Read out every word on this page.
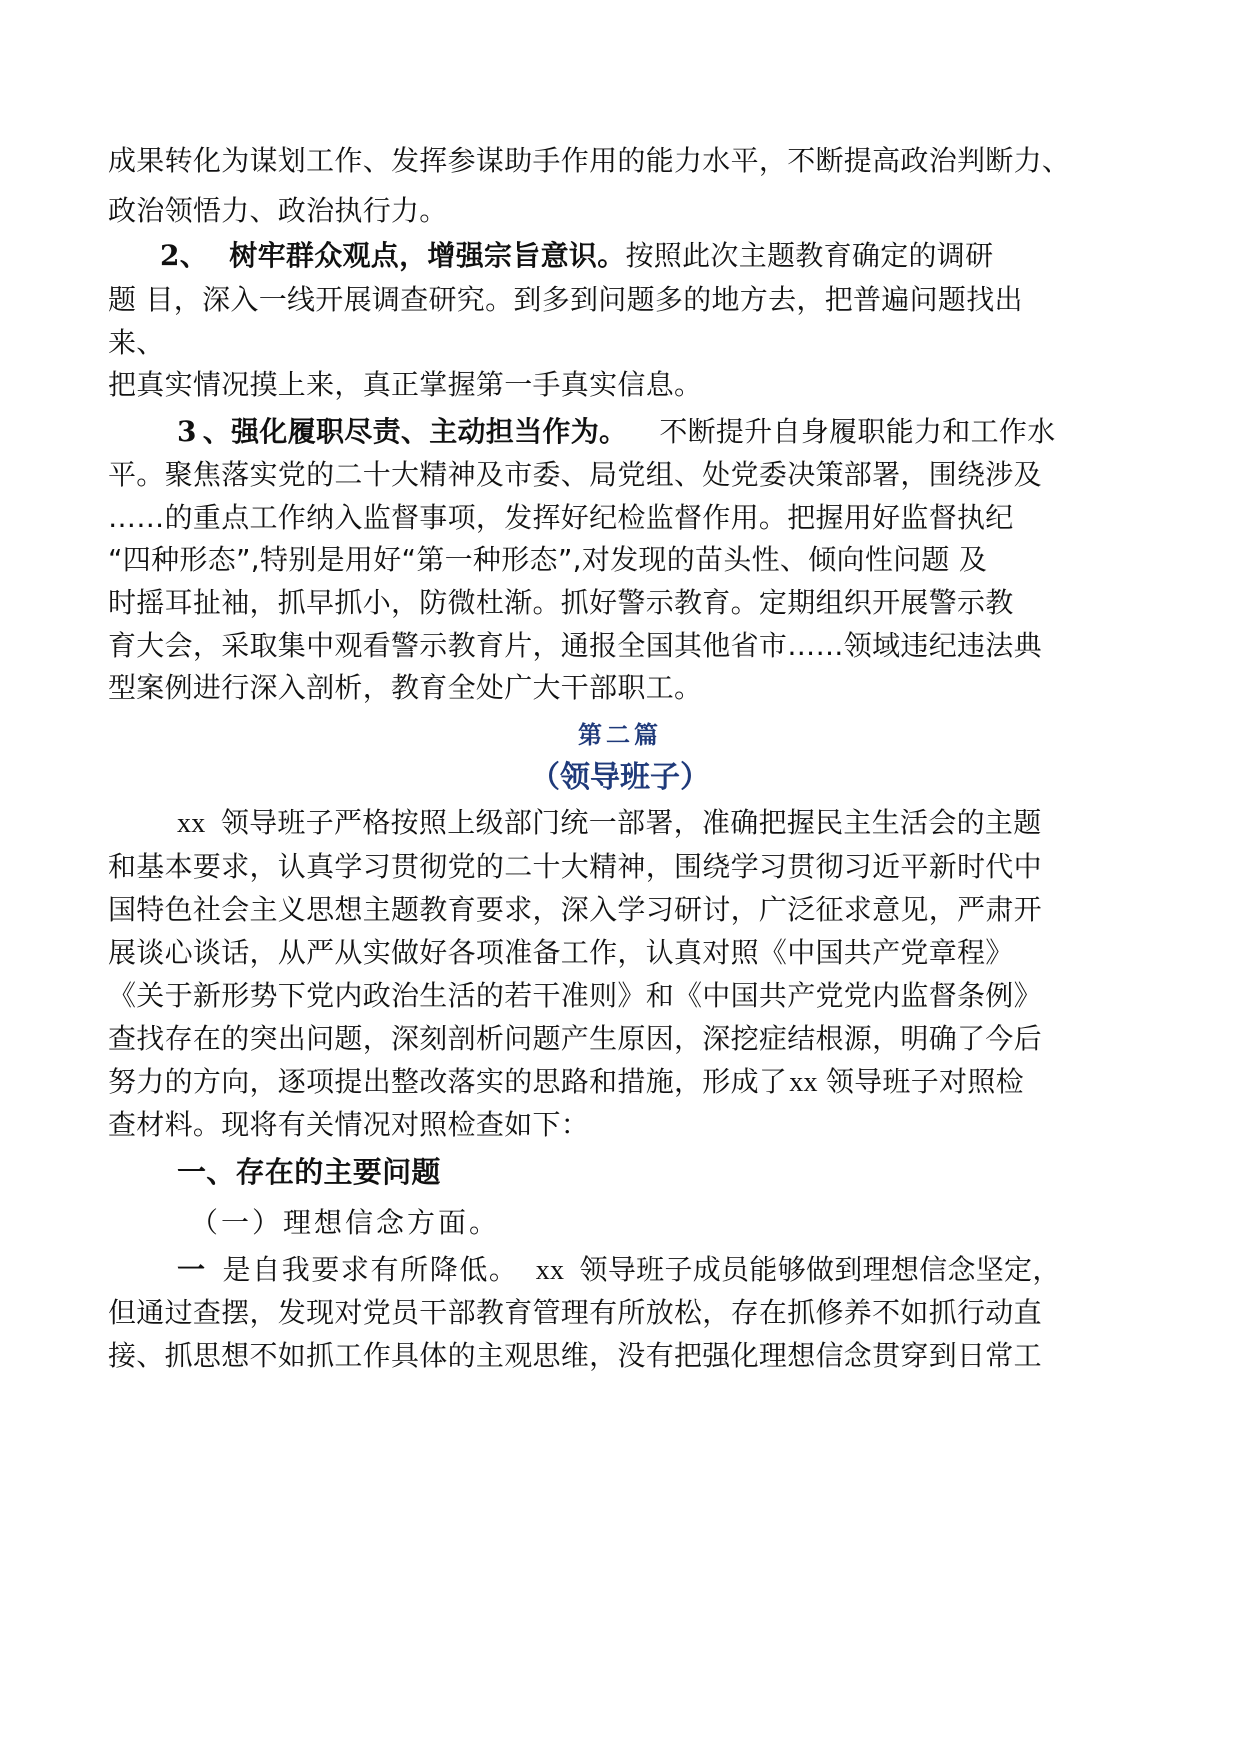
成果转化为谋划工作、发挥参谋助手作用的能力水平，不断提高政治判断力、
政治领悟力、政治执行力。
2、 树牢群众观点，增强宗旨意识。按照此次主题教育确定的调研
题 目，深入一线开展调查研究。到多到问题多的地方去，把普遍问题找出
来、
把真实情况摸上来，真正掌握第一手真实信息。
3 、强化履职尽责、主动担当作为。 不断提升自身履职能力和工作水
平。聚焦落实党的二十大精神及市委、局党组、处党委决策部署，围绕涉及
……的重点工作纳入监督事项，发挥好纪检监督作用。把握用好监督执纪
“四种形态”,特别是用好“第一种形态”,对发现的苗头性、倾向性问题 及
时摇耳扯袖，抓早抓小，防微杜渐。抓好警示教育。定期组织开展警示教
育大会，采取集中观看警示教育片，通报全国其他省市……领域违纪违法典
型案例进行深入剖析，教育全处广大干部职工。
第二篇
（领导班子）
xx 领导班子严格按照上级部门统一部署，准确把握民主生活会的主题
和基本要求，认真学习贯彻党的二十大精神，围绕学习贯彻习近平新时代中
国特色社会主义思想主题教育要求，深入学习研讨，广泛征求意见，严肃开
展谈心谈话，从严从实做好各项准备工作，认真对照《中国共产党章程》
《关于新形势下党内政治生活的若干准则》和《中国共产党党内监督条例》
查找存在的突出问题，深刻剖析问题产生原因，深挖症结根源，明确了今后
努力的方向，逐项提出整改落实的思路和措施，形成了xx 领导班子对照检
查材料。现将有关情况对照检查如下：
一、存在的主要问题
（一）理想信念方面。
一 是自我要求有所降低。 xx 领导班子成员能够做到理想信念坚定，
但通过查摆，发现对党员干部教育管理有所放松，存在抓修养不如抓行动直
接、抓思想不如抓工作具体的主观思维，没有把强化理想信念贯穿到日常工
